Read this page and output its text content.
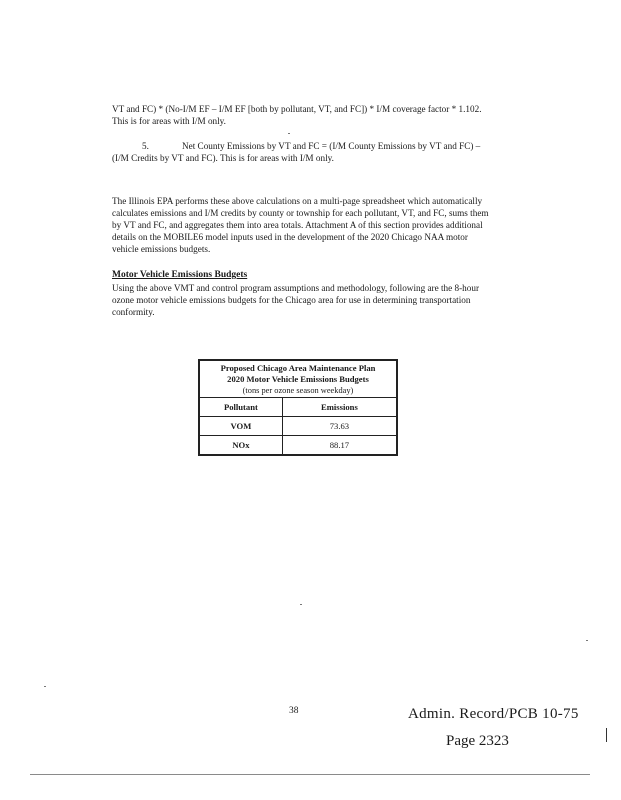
VT and FC) * (No-I/M EF – I/M EF [both by pollutant, VT, and FC]) * I/M coverage factor * 1.102. This is for areas with I/M only.
5.	Net County Emissions by VT and FC = (I/M County Emissions by VT and FC) – (I/M Credits by VT and FC). This is for areas with I/M only.
The Illinois EPA performs these above calculations on a multi-page spreadsheet which automatically calculates emissions and I/M credits by county or township for each pollutant, VT, and FC, sums them by VT and FC, and aggregates them into area totals. Attachment A of this section provides additional details on the MOBILE6 model inputs used in the development of the 2020 Chicago NAA motor vehicle emissions budgets.
Motor Vehicle Emissions Budgets
Using the above VMT and control program assumptions and methodology, following are the 8-hour ozone motor vehicle emissions budgets for the Chicago area for use in determining transportation conformity.
Proposed Chicago Area Maintenance Plan
2020 Motor Vehicle Emissions Budgets
(tons per ozone season weekday)
Pollutant	Emissions
VOM	73.63
NOx	88.17
38	Admin. Record/PCB 10-75
Page 2323
